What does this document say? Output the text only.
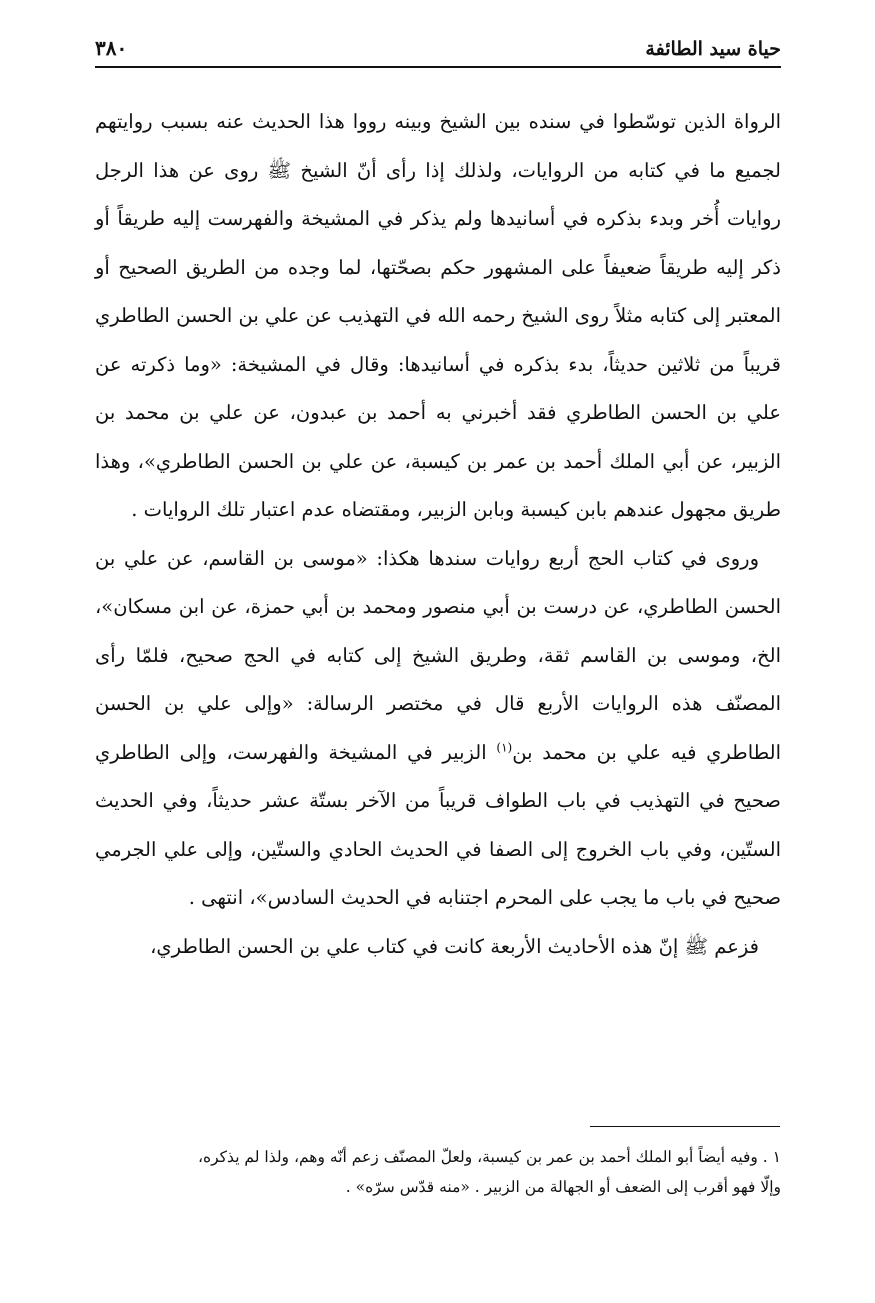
٣٨٠	حياة سيد الطائفة

الرواة الذين توسّطوا في سنده بين الشيخ وبينه رووا هذا الحديث عنه بسبب روايتهم لجميع ما في كتابه من الروايات، ولذلك إذا رأى أنّ الشيخ ﷺ روى عن هذا الرجل روايات أُخر وبدء بذكره في أسانيدها ولم يذكر في المشيخة والفهرست إليه طريقاً أو ذكر إليه طريقاً ضعيفاً على المشهور حكم بصحّتها، لما وجده من الطريق الصحيح أو المعتبر إلى كتابه مثلاً روى الشيخ رحمه الله في التهذيب عن علي بن الحسن الطاطري قريباً من ثلاثين حديثاً، بدء بذكره في أسانيدها: وقال في المشيخة: «وما ذكرته عن علي بن الحسن الطاطري فقد أخبرني به أحمد بن عبدون، عن علي بن محمد بن الزبير، عن أبي الملك أحمد بن عمر بن كيسبة، عن علي بن الحسن الطاطري»، وهذا طريق مجهول عندهم بابن كيسبة وبابن الزبير، ومقتضاه عدم اعتبار تلك الروايات .

وروى في كتاب الحج أربع روايات سندها هكذا: «موسى بن القاسم، عن علي بن الحسن الطاطري، عن درست بن أبي منصور ومحمد بن أبي حمزة، عن ابن مسكان»، الخ، وموسى بن القاسم ثقة، وطريق الشيخ إلى كتابه في الحج صحيح، فلمّا رأى المصنّف هذه الروايات الأربع قال في مختصر الرسالة: «وإلى علي بن الحسن الطاطري فيه علي بن محمد بن$^{(١)}$ الزبير في المشيخة والفهرست، وإلى الطاطري صحيح في التهذيب في باب الطواف قريباً من الآخر بستّة عشر حديثاً، وفي الحديث الستّين، وفي باب الخروج إلى الصفا في الحديث الحادي والستّين، وإلى علي الجرمي صحيح في باب ما يجب على المحرم اجتنابه في الحديث السادس»، انتهى .

فزعم ﷺ إنّ هذه الأحاديث الأربعة كانت في كتاب علي بن الحسن الطاطري،

١ . وفيه أيضاً أبو الملك أحمد بن عمر بن كيسبة، ولعلّ المصنّف زعم أنّه وهم، ولذا لم يذكره،
وإلّا فهو أقرب إلى الضعف أو الجهالة من الزبير . «منه قدّس سرّه» .
